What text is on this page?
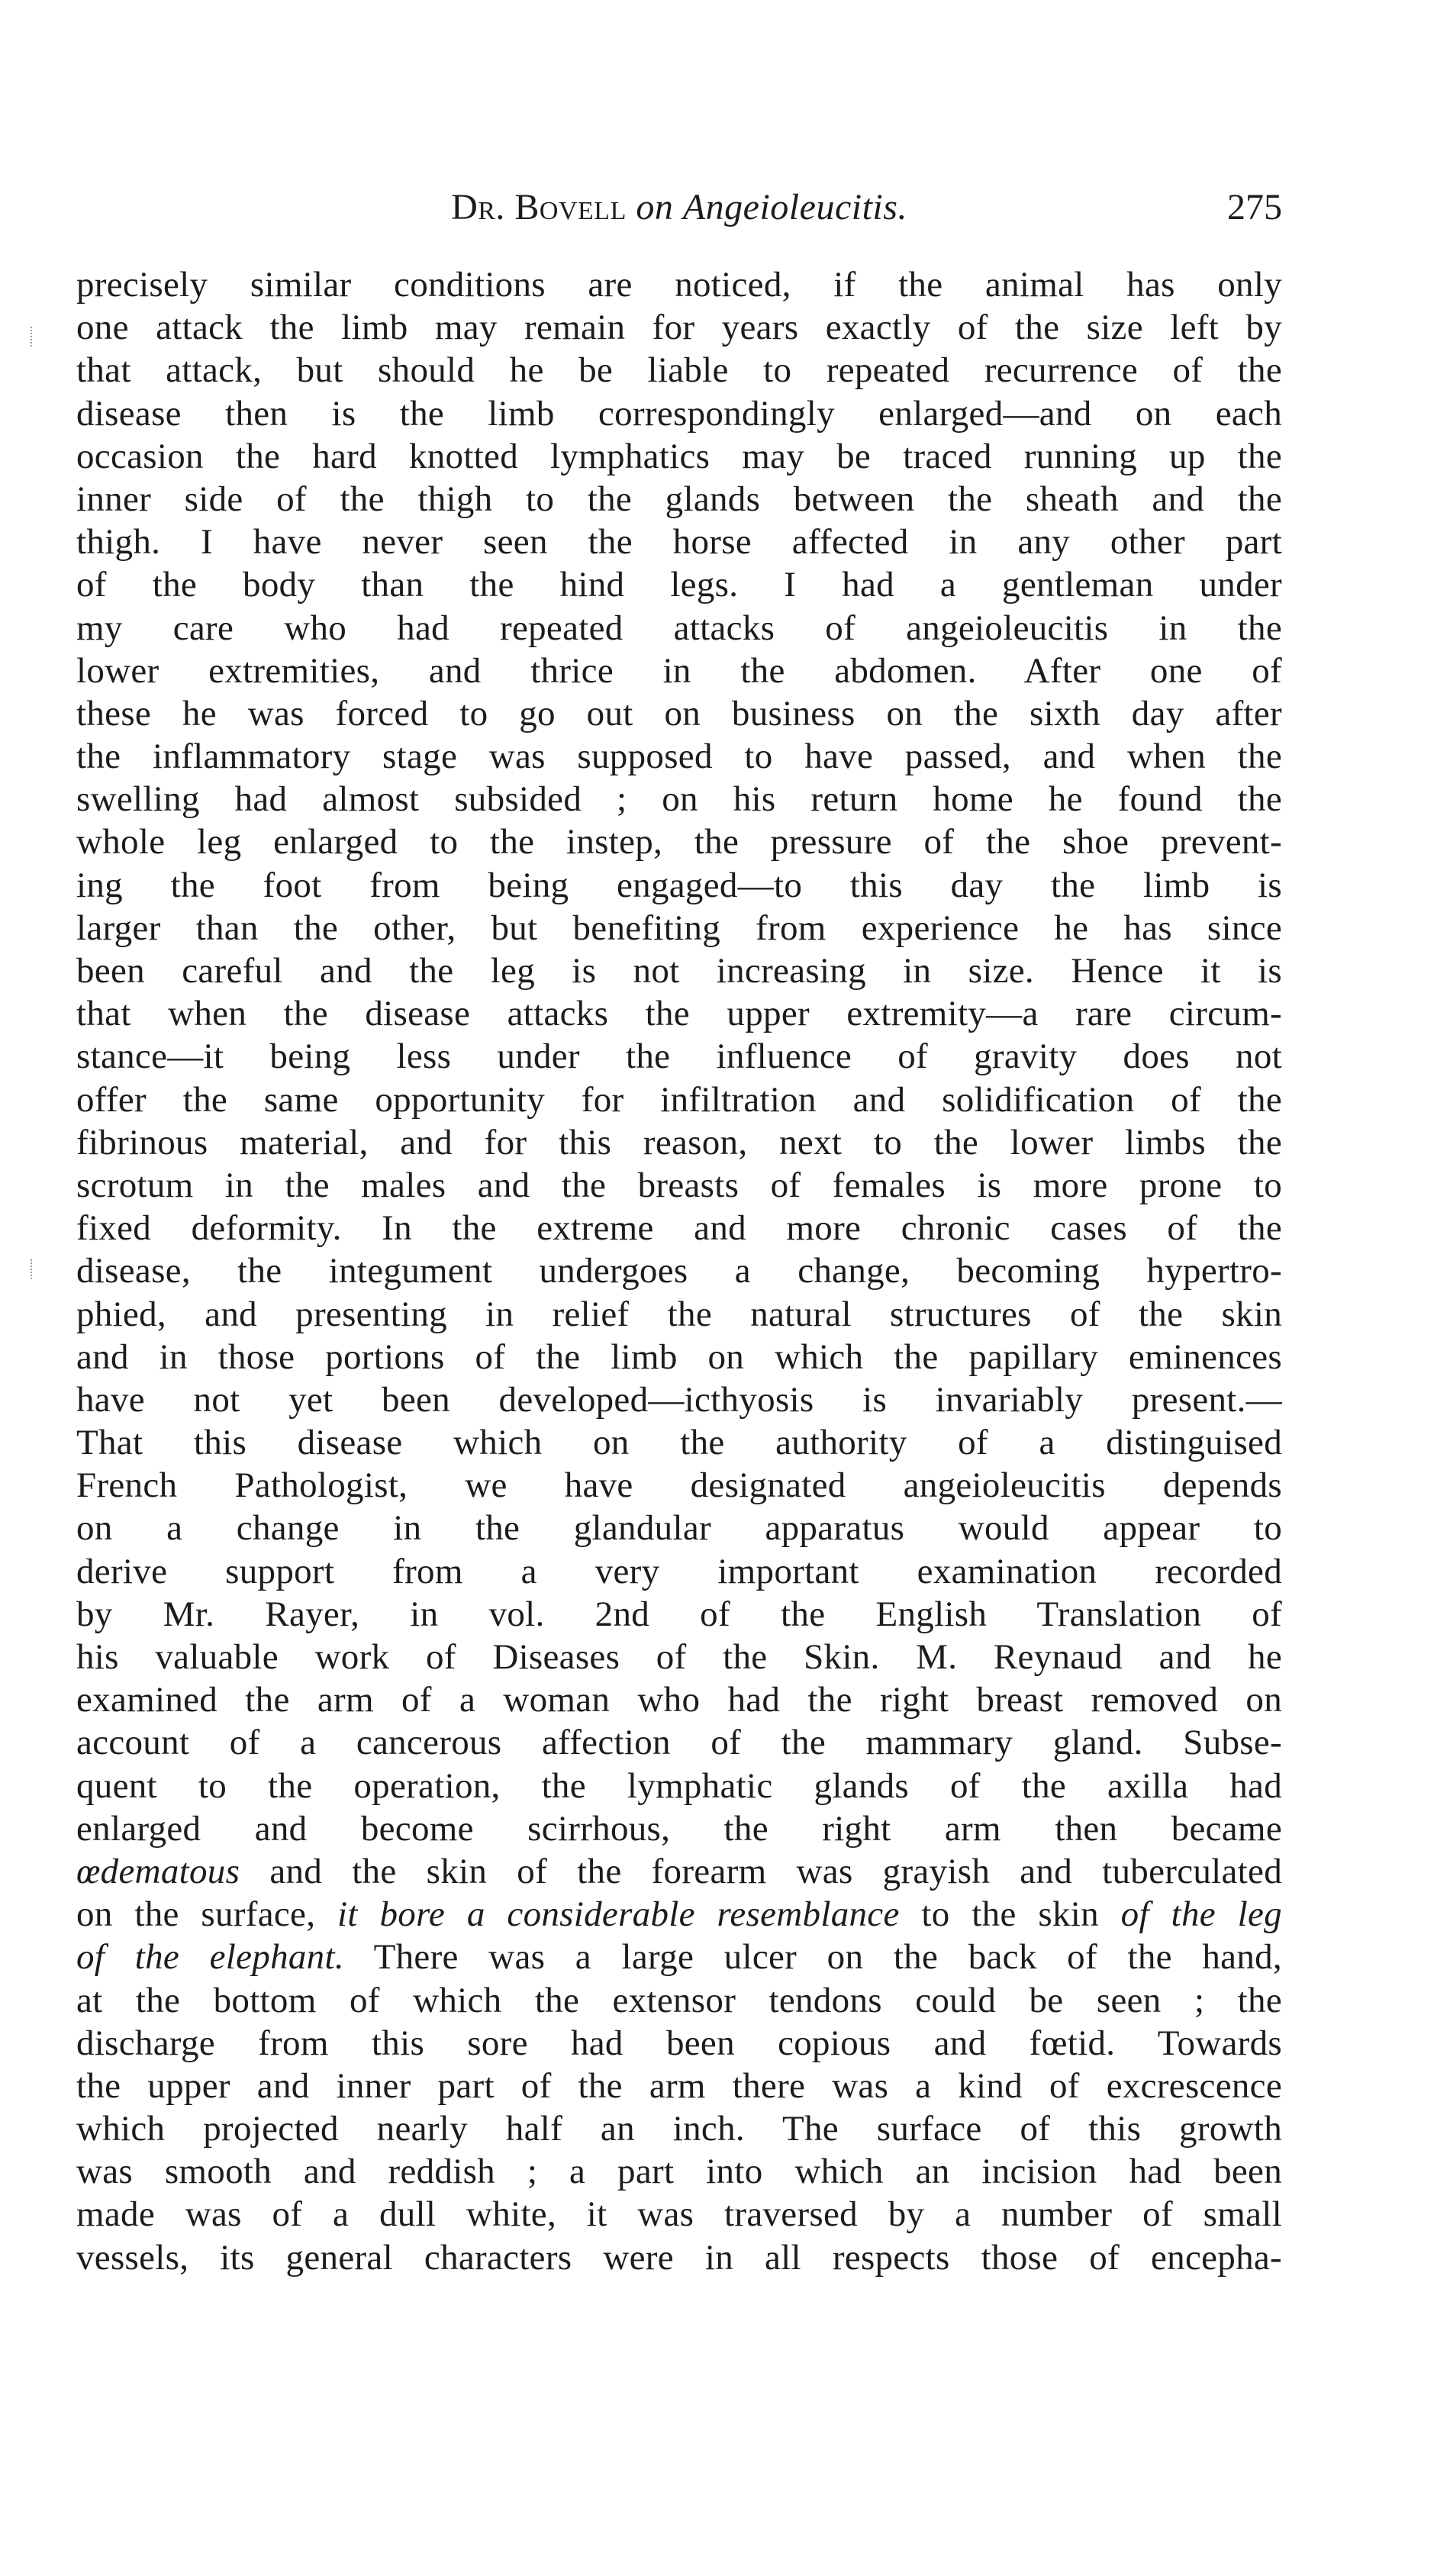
Dr. Bovell on Angeioleucitis.	275
precisely similar conditions are noticed, if the animal has only
one attack the limb may remain for years exactly of the size left by
that attack, but should he be liable to repeated recurrence of the
disease then is the limb correspondingly enlarged—and on each
occasion the hard knotted lymphatics may be traced running up the
inner side of the thigh to the glands between the sheath and the
thigh. I have never seen the horse affected in any other part
of the body than the hind legs. I had a gentleman under
my care who had repeated attacks of angeioleucitis in the
lower extremities, and thrice in the abdomen. After one of
these he was forced to go out on business on the sixth day after
the inflammatory stage was supposed to have passed, and when the
swelling had almost subsided ; on his return home he found the
whole leg enlarged to the instep, the pressure of the shoe prevent-
ing the foot from being engaged—to this day the limb is
larger than the other, but benefiting from experience he has since
been careful and the leg is not increasing in size. Hence it is
that when the disease attacks the upper extremity—a rare circum-
stance—it being less under the influence of gravity does not
offer the same opportunity for infiltration and solidification of the
fibrinous material, and for this reason, next to the lower limbs the
scrotum in the males and the breasts of females is more prone to
fixed deformity. In the extreme and more chronic cases of the
disease, the integument undergoes a change, becoming hypertro-
phied, and presenting in relief the natural structures of the skin
and in those portions of the limb on which the papillary eminences
have not yet been developed—icthyosis is invariably present.—
That this disease which on the authority of a distinguised
French Pathologist, we have designated angeioleucitis depends
on a change in the glandular apparatus would appear to
derive support from a very important examination recorded
by Mr. Rayer, in vol. 2nd of the English Translation of
his valuable work of Diseases of the Skin. M. Reynaud and he
examined the arm of a woman who had the right breast removed on
account of a cancerous affection of the mammary gland. Subse-
quent to the operation, the lymphatic glands of the axilla had
enlarged and become scirrhous, the right arm then became
œdematous and the skin of the forearm was grayish and tuberculated
on the surface, it bore a considerable resemblance to the skin of the leg
of the elephant. There was a large ulcer on the back of the hand,
at the bottom of which the extensor tendons could be seen ; the
discharge from this sore had been copious and fœtid. Towards
the upper and inner part of the arm there was a kind of excrescence
which projected nearly half an inch. The surface of this growth
was smooth and reddish ; a part into which an incision had been
made was of a dull white, it was traversed by a number of small
vessels, its general characters were in all respects those of encepha-
